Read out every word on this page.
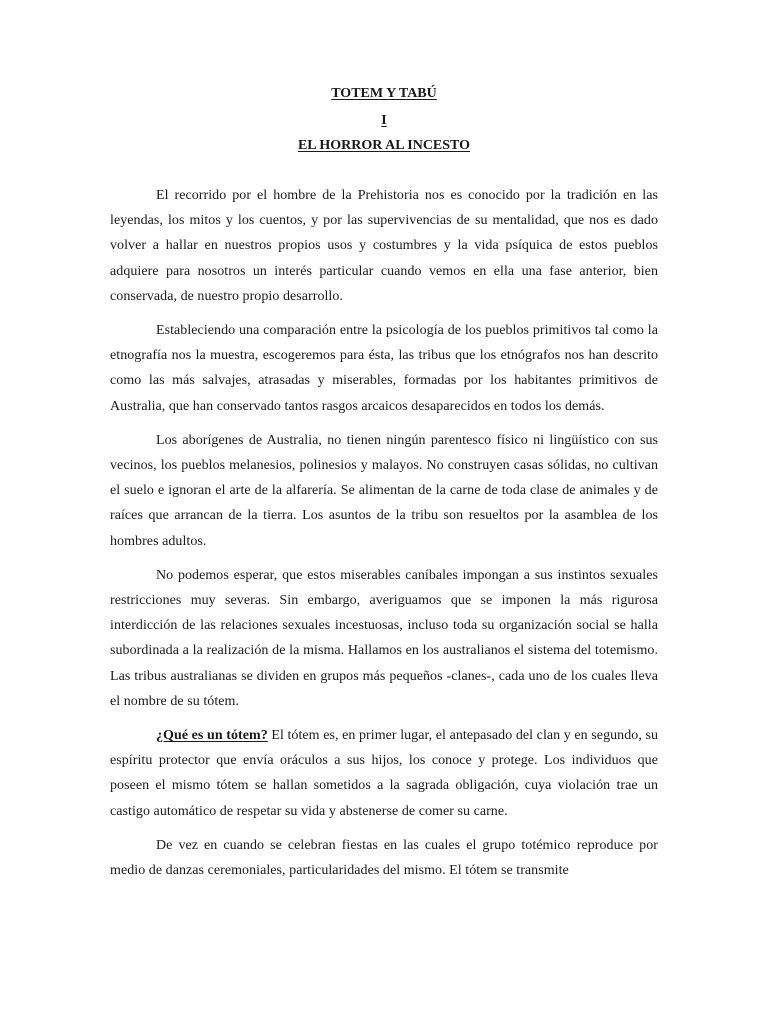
TOTEM Y TABÚ
I
EL HORROR AL INCESTO

El recorrido por el hombre de la Prehistoria nos es conocido por la tradición en las leyendas, los mitos y los cuentos, y por las supervivencias de su mentalidad, que nos es dado volver a hallar en nuestros propios usos y costumbres y la vida psíquica de estos pueblos adquiere para nosotros un interés particular cuando vemos en ella una fase anterior, bien conservada, de nuestro propio desarrollo.

Estableciendo una comparación entre la psicología de los pueblos primitivos tal como la etnografía nos la muestra, escogeremos para ésta, las tribus que los etnógrafos nos han descrito como las más salvajes, atrasadas y miserables, formadas por los habitantes primitivos de Australia, que han conservado tantos rasgos arcaicos desaparecidos en todos los demás.

Los aborígenes de Australia, no tienen ningún parentesco físico ni lingüístico con sus vecinos, los pueblos melanesios, polinesios y malayos. No construyen casas sólidas, no cultivan el suelo e ignoran el arte de la alfarería. Se alimentan de la carne de toda clase de animales y de raíces que arrancan de la tierra. Los asuntos de la tribu son resueltos por la asamblea de los hombres adultos.

No podemos esperar, que estos miserables caníbales impongan a sus instintos sexuales restricciones muy severas. Sin embargo, averiguamos que se imponen la más rigurosa interdicción de las relaciones sexuales incestuosas, incluso toda su organización social se halla subordinada a la realización de la misma. Hallamos en los australianos el sistema del totemismo. Las tribus australianas se dividen en grupos más pequeños -clanes-, cada uno de los cuales lleva el nombre de su tótem.

¿Qué es un tótem? El tótem es, en primer lugar, el antepasado del clan y en segundo, su espíritu protector que envía oráculos a sus hijos, los conoce y protege. Los individuos que poseen el mismo tótem se hallan sometidos a la sagrada obligación, cuya violación trae un castigo automático de respetar su vida y abstenerse de comer su carne.

De vez en cuando se celebran fiestas en las cuales el grupo totémico reproduce por medio de danzas ceremoniales, particularidades del mismo. El tótem se transmite
